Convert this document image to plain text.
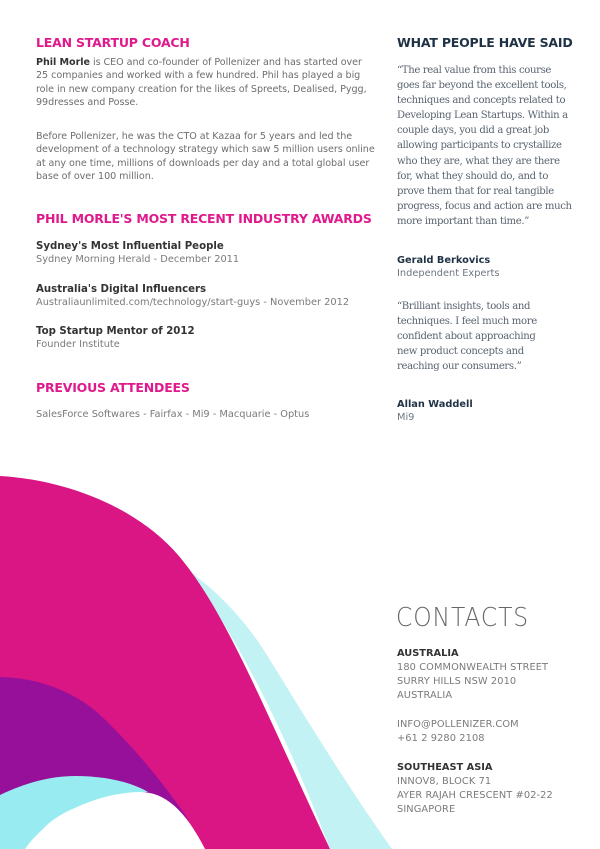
LEAN STARTUP COACH

Phil Morle is CEO and co-founder of Pollenizer and has started over 25 companies and worked with a few hundred. Phil has played a big role in new company creation for the likes of Spreets, Dealised, Pygg, 99dresses and Posse.

Before Pollenizer, he was the CTO at Kazaa for 5 years and led the development of a technology strategy which saw 5 million users online at any one time, millions of downloads per day and a total global user base of over 100 million.

PHIL MORLE'S MOST RECENT INDUSTRY AWARDS
Sydney's Most Influential People
Sydney Morning Herald - December 2011
Australia's Digital Influencers
Australiaunlimited.com/technology/start-guys - November 2012
Top Startup Mentor of 2012
Founder Institute
PREVIOUS ATTENDEES
SalesForce Softwares - Fairfax - Mi9 - Macquarie - Optus
WHAT PEOPLE HAVE SAID

“The real value from this course goes far beyond the excellent tools, techniques and concepts related to Developing Lean Startups. Within a couple days, you did a great job allowing participants to crystallize who they are, what they are there for, what they should do, and to prove them that for real tangible progress, focus and action are much more important than time.”

Gerald Berkovics
Independent Experts

“Brilliant insights, tools and techniques. I feel much more confident about approaching new product concepts and reaching our consumers.”

Allan Waddell
Mi9
CONTACTS
AUSTRALIA
180 COMMONWEALTH STREET
SURRY HILLS NSW 2010
AUSTRALIA
INFO@POLLENIZER.COM
+61 2 9280 2108
SOUTHEAST ASIA
INNOV8, BLOCK 71
AYER RAJAH CRESCENT #02-22
SINGAPORE
